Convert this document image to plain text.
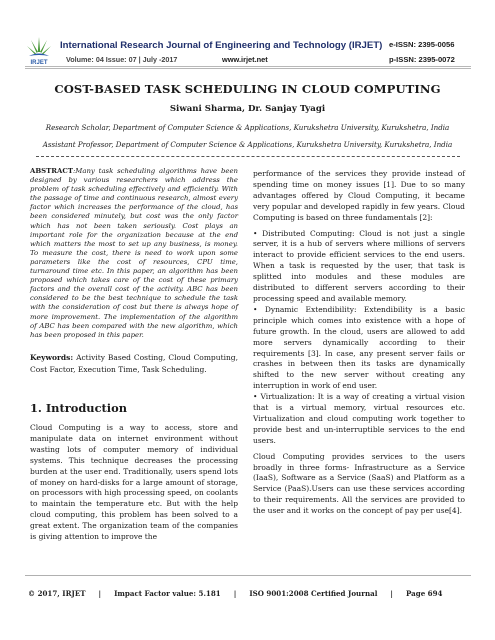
IRJET
International Research Journal of Engineering and Technology (IRJET) e-ISSN: 2395-0056
Volume: 04 Issue: 07 | July -2017	www.irjet.net	p-ISSN: 2395-0072
COST-BASED TASK SCHEDULING IN CLOUD COMPUTING
Siwani Sharma, Dr. Sanjay Tyagi
Research Scholar, Department of Computer Science & Applications, Kurukshetra University, Kurukshetra, India
Assistant Professor, Department of Computer Science & Applications, Kurukshetra University, Kurukshetra, India

ABSTRACT:Many task scheduling algorithms have been designed by various researchers which address the problem of task scheduling effectively and efficiently. With the passage of time and continuous research, almost every factor which increases the performance of the cloud, has been considered minutely, but cost was the only factor which has not been taken seriously. Cost plays an important role for the organization because at the end which matters the most to set up any business, is money. To measure the cost, there is need to work upon some parameters like the cost of resources, CPU time, turnaround time etc. In this paper, an algorithm has been proposed which takes care of the cost of these primary factors and the overall cost of the activity. ABC has been considered to be the best technique to schedule the task with the consideration of cost but there is always hope of more improvement. The implementation of the algorithm of ABC has been compared with the new algorithm, which has been proposed in this paper.

Keywords: Activity Based Costing, Cloud Computing, Cost Factor, Execution Time, Task Scheduling.

1. Introduction

Cloud Computing is a way to access, store and manipulate data on internet environment without wasting lots of computer memory of individual systems. This technique decreases the processing burden at the user end. Traditionally, users spend lots of money on hard-disks for a large amount of storage, on processors with high processing speed, on coolants to maintain the temperature etc. But with the help cloud computing, this problem has been solved to a great extent. The organization team of the companies is giving attention to improve the

performance of the services they provide instead of spending time on money issues [1]. Due to so many advantages offered by Cloud Computing, it became very popular and developed rapidly in few years. Cloud Computing is based on three fundamentals [2]:

• Distributed Computing: Cloud is not just a single server, it is a hub of servers where millions of servers interact to provide efficient services to the end users. When a task is requested by the user, that task is splitted into modules and these modules are distributed to different servers according to their processing speed and available memory.

• Dynamic Extendibility: Extendibility is a basic principle which comes into existence with a hope of future growth. In the cloud, users are allowed to add more servers dynamically according to their requirements [3]. In case, any present server fails or crashes in between then its tasks are dynamically shifted to the new server without creating any interruption in work of end user.

• Virtualization: It is a way of creating a virtual vision that is a virtual memory, virtual resources etc. Virtualization and cloud computing work together to provide best and un-interruptible services to the end users.

Cloud Computing provides services to the users broadly in three forms- Infrastructure as a Service (IaaS), Software as a Service (SaaS) and Platform as a Service (PaaS).Users can use these services according to their requirements. All the services are provided to the user and it works on the concept of pay per use[4].

© 2017, IRJET | Impact Factor value: 5.181 | ISO 9001:2008 Certified Journal | Page 694
